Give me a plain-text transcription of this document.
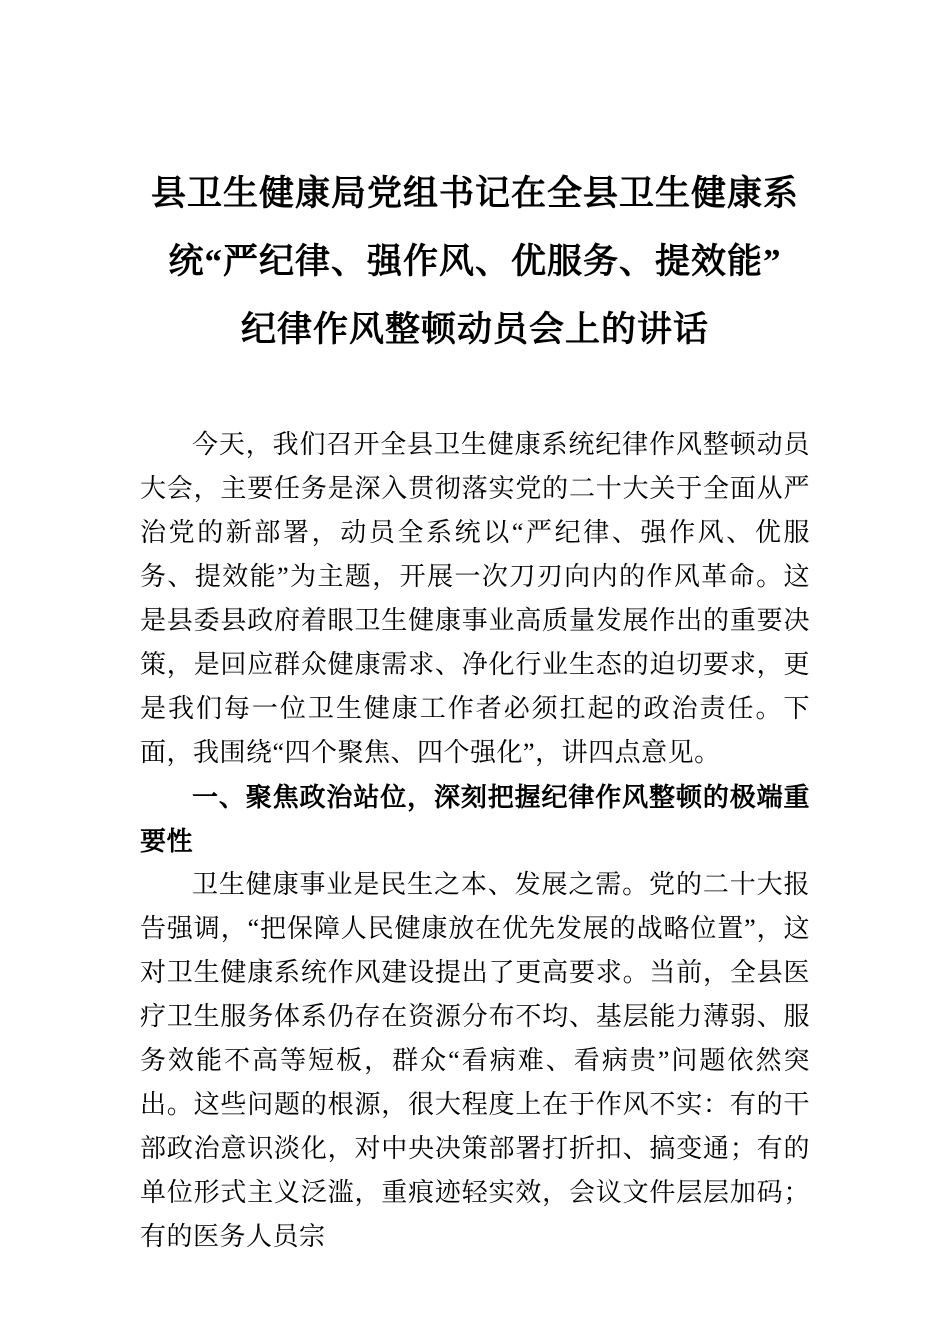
县卫生健康局党组书记在全县卫生健康系
统“严纪律、强作风、优服务、提效能”
纪律作风整顿动员会上的讲话

今天，我们召开全县卫生健康系统纪律作风整顿动员大会，主要任务是深入贯彻落实党的二十大关于全面从严治党的新部署，动员全系统以“严纪律、强作风、优服务、提效能”为主题，开展一次刀刃向内的作风革命。这是县委县政府着眼卫生健康事业高质量发展作出的重要决策，是回应群众健康需求、净化行业生态的迫切要求，更是我们每一位卫生健康工作者必须扛起的政治责任。下面，我围绕“四个聚焦、四个强化”，讲四点意见。

一、聚焦政治站位，深刻把握纪律作风整顿的极端重要性

卫生健康事业是民生之本、发展之需。党的二十大报告强调，“把保障人民健康放在优先发展的战略位置”，这对卫生健康系统作风建设提出了更高要求。当前，全县医疗卫生服务体系仍存在资源分布不均、基层能力薄弱、服务效能不高等短板，群众“看病难、看病贵”问题依然突出。这些问题的根源，很大程度上在于作风不实：有的干部政治意识淡化，对中央决策部署打折扣、搞变通；有的单位形式主义泛滥，重痕迹轻实效，会议文件层层加码；有的医务人员宗
